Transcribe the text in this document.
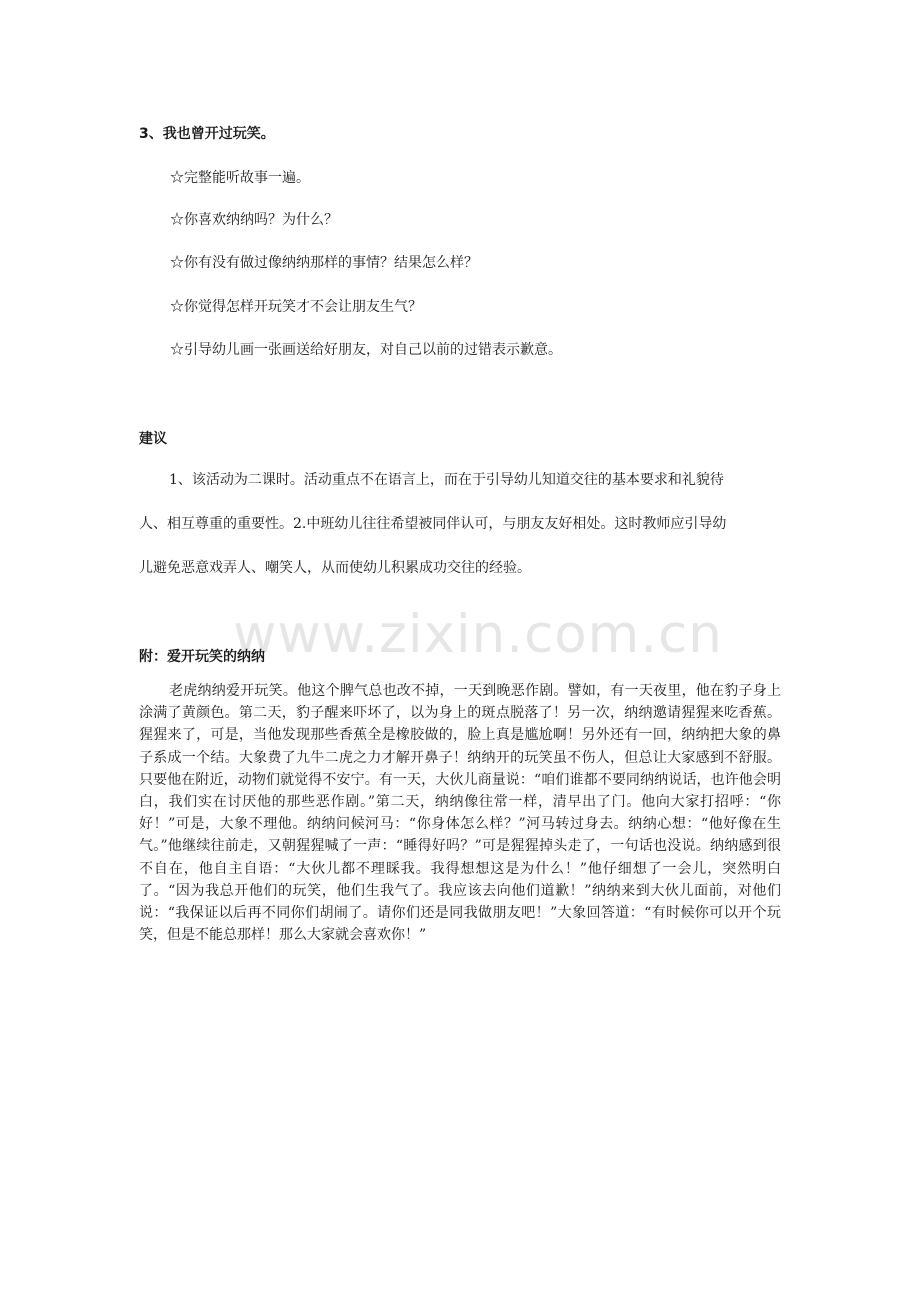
3、我也曾开过玩笑。
☆完整能听故事一遍。
☆你喜欢纳纳吗？为什么？
☆你有没有做过像纳纳那样的事情？结果怎么样？
☆你觉得怎样开玩笑才不会让朋友生气？
☆引导幼儿画一张画送给好朋友，对自己以前的过错表示歉意。
建议
1、该活动为二课时。活动重点不在语言上，而在于引导幼儿知道交往的基本要求和礼貌待
人、相互尊重的重要性。2.中班幼儿往往希望被同伴认可，与朋友友好相处。这时教师应引导幼
儿避免恶意戏弄人、嘲笑人，从而使幼儿积累成功交往的经验。
www.zixin.com.cn
附：爱开玩笑的纳纳

老虎纳纳爱开玩笑。他这个脾气总也改不掉，一天到晚恶作剧。譬如，有一天夜里，他在豹子身上涂满了黄颜色。第二天，豹子醒来吓坏了，以为身上的斑点脱落了！另一次，纳纳邀请猩猩来吃香蕉。猩猩来了，可是，当他发现那些香蕉全是橡胶做的，脸上真是尴尬啊！另外还有一回，纳纳把大象的鼻子系成一个结。大象费了九牛二虎之力才解开鼻子！纳纳开的玩笑虽不伤人，但总让大家感到不舒服。只要他在附近，动物们就觉得不安宁。有一天，大伙儿商量说：“咱们谁都不要同纳纳说话，也许他会明白，我们实在讨厌他的那些恶作剧。”第二天，纳纳像往常一样，清早出了门。他向大家打招呼：“你好！”可是，大象不理他。纳纳问候河马：“你身体怎么样？”河马转过身去。纳纳心想：“他好像在生气。”他继续往前走，又朝猩猩喊了一声：“睡得好吗？”可是猩猩掉头走了，一句话也没说。纳纳感到很不自在，他自主自语：“大伙儿都不理睬我。我得想想这是为什么！”他仔细想了一会儿，突然明白了。“因为我总开他们的玩笑，他们生我气了。我应该去向他们道歉！”纳纳来到大伙儿面前，对他们说：“我保证以后再不同你们胡闹了。请你们还是同我做朋友吧！”大象回答道：“有时候你可以开个玩笑，但是不能总那样！那么大家就会喜欢你！”
